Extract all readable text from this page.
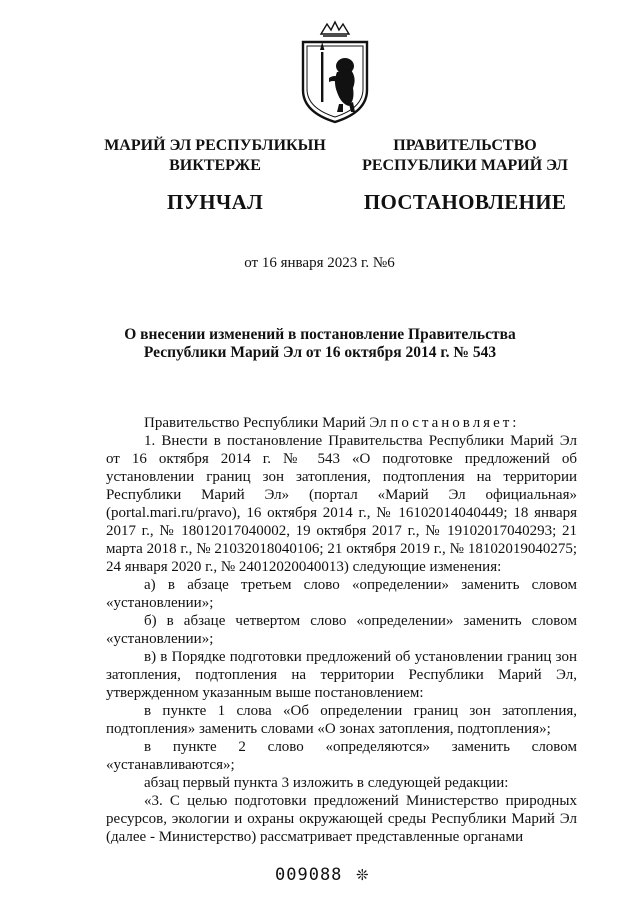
МАРИЙ ЭЛ РЕСПУБЛИКЫН
ВИКТЕРЖЕ
ПУНЧАЛ
ПРАВИТЕЛЬСТВО
РЕСПУБЛИКИ МАРИЙ ЭЛ
ПОСТАНОВЛЕНИЕ
от 16 января 2023 г. №6
О внесении изменений в постановление Правительства
Республики Марий Эл от 16 октября 2014 г. № 543

Правительство Республики Марий Эл постановляет:

1. Внести в постановление Правительства Республики Марий Эл от 16 октября 2014 г. № 543 «О подготовке предложений об установлении границ зон затопления, подтопления на территории Республики Марий Эл» (портал «Марий Эл официальная» (portal.mari.ru/pravo), 16 октября 2014 г., № 16102014040449; 18 января 2017 г., № 18012017040002, 19 октября 2017 г., № 19102017040293; 21 марта 2018 г., № 21032018040106; 21 октября 2019 г., № 18102019040275; 24 января 2020 г., № 24012020040013) следующие изменения:

а) в абзаце третьем слово «определении» заменить словом «установлении»;

б) в абзаце четвертом слово «определении» заменить словом «установлении»;

в) в Порядке подготовки предложений об установлении границ зон затопления, подтопления на территории Республики Марий Эл, утвержденном указанным выше постановлением:

в пункте 1 слова «Об определении границ зон затопления, подтопления» заменить словами «О зонах затопления, подтопления»;

в пункте 2 слово «определяются» заменить словом «устанавливаются»;

абзац первый пункта 3 изложить в следующей редакции:

«3. С целью подготовки предложений Министерство природных ресурсов, экологии и охраны окружающей среды Республики Марий Эл (далее - Министерство) рассматривает представленные органами

009088 ❊
